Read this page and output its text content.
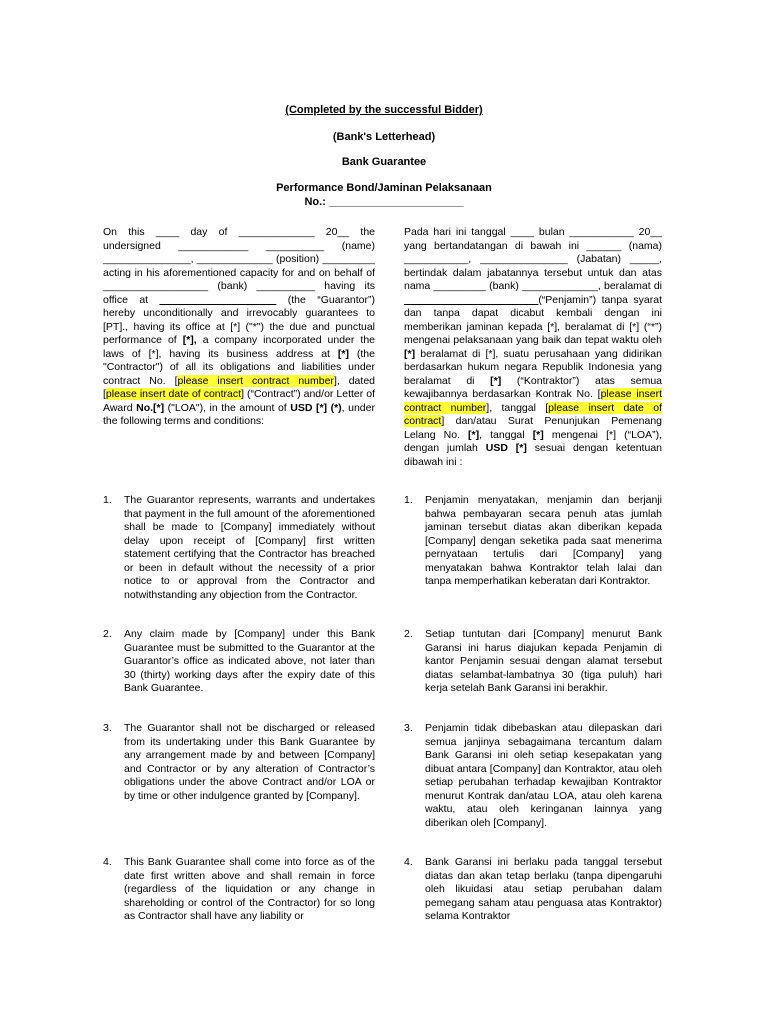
(Completed by the successful Bidder)
(Bank's Letterhead)
Bank Guarantee
Performance Bond/Jaminan Pelaksanaan
No.: ______________________

On this ____ day of _____________ 20__ the undersigned ____________ __________ (name) _______________, _____________ (position) _________ acting in his aforementioned capacity for and on behalf of __________________ (bank) __________ having its office at ____________________ (the “Guarantor”) hereby unconditionally and irrevocably guarantees to [PT]., having its office at [*] ("*") the due and punctual performance of [*], a company incorporated under the laws of [*], having its business address at [*] (the "Contractor") of all its obligations and liabilities under contract No. [please insert contract number], dated [please insert date of contract] (“Contract”) and/or Letter of Award No.[*] ("LOA"), in the amount of USD [*] (*), under the following terms and conditions:

Pada hari ini tanggal ____ bulan ___________ 20__ yang bertandatangan di bawah ini ______ (nama) ___________, _______________ (Jabatan) _____, bertindak dalam jabatannya tersebut untuk dan atas nama _________ (bank) _____________, beralamat di _______________________(“Penjamin”) tanpa syarat dan tanpa dapat dicabut kembali dengan ini memberikan jaminan kepada [*], beralamat di [*] (“*”) mengenai pelaksanaan yang baik dan tepat waktu oleh [*] beralamat di [*], suatu perusahaan yang didirikan berdasarkan hukum negara Republik Indonesia yang beralamat di [*] (“Kontraktor”) atas semua kewajibannya berdasarkan Kontrak No. [please insert contract number], tanggal [please insert date of contract] dan/atau Surat Penunjukan Pemenang Lelang No. [*], tanggal [*] mengenai [*] (“LOA”), dengan jumlah USD [*] sesuai dengan ketentuan dibawah ini :

1. The Guarantor represents, warrants and undertakes that payment in the full amount of the aforementioned shall be made to [Company] immediately without delay upon receipt of [Company] first written statement certifying that the Contractor has breached or been in default without the necessity of a prior notice to or approval from the Contractor and notwithstanding any objection from the Contractor.
2. Any claim made by [Company] under this Bank Guarantee must be submitted to the Guarantor at the Guarantor’s office as indicated above, not later than 30 (thirty) working days after the expiry date of this Bank Guarantee.
3. The Guarantor shall not be discharged or released from its undertaking under this Bank Guarantee by any arrangement made by and between [Company] and Contractor or by any alteration of Contractor’s obligations under the above Contract and/or LOA or by time or other indulgence granted by [Company].
4. This Bank Guarantee shall come into force as of the date first written above and shall remain in force (regardless of the liquidation or any change in shareholding or control of the Contractor) for so long as Contractor shall have any liability or
1. Penjamin menyatakan, menjamin dan berjanji bahwa pembayaran secara penuh atas jumlah jaminan tersebut diatas akan diberikan kepada [Company] dengan seketika pada saat menerima pernyataan tertulis dari [Company] yang menyatakan bahwa Kontraktor telah lalai dan tanpa memperhatikan keberatan dari Kontraktor.
2. Setiap tuntutan dari [Company] menurut Bank Garansi ini harus diajukan kepada Penjamin di kantor Penjamin sesuai dengan alamat tersebut diatas selambat-lambatnya 30 (tiga puluh) hari kerja setelah Bank Garansi ini berakhir.
3. Penjamin tidak dibebaskan atau dilepaskan dari semua janjinya sebagaimana tercantum dalam Bank Garansi ini oleh setiap kesepakatan yang dibuat antara [Company] dan Kontraktor, atau oleh setiap perubahan terhadap kewajiban Kontraktor menurut Kontrak dan/atau LOA, atau oleh karena waktu, atau oleh keringanan lainnya yang diberikan oleh [Company].
4. Bank Garansi ini berlaku pada tanggal tersebut diatas dan akan tetap berlaku (tanpa dipengaruhi oleh likuidasi atau setiap perubahan dalam pemegang saham atau penguasa atas Kontraktor) selama Kontraktor
